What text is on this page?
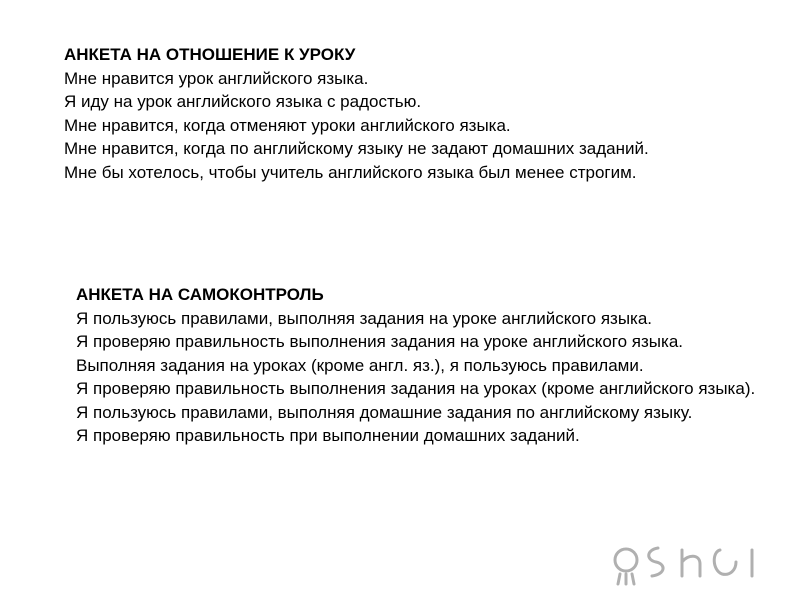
АНКЕТА НА ОТНОШЕНИЕ К УРОКУ

Мне нравится урок английского языка.

Я иду на урок английского языка с радостью.

Мне нравится, когда отменяют уроки английского языка.

Мне нравится, когда по английскому языку не задают домашних заданий.

Мне бы хотелось, чтобы учитель английского языка был менее строгим.

АНКЕТА НА САМОКОНТРОЛЬ

Я пользуюсь правилами, выполняя задания на уроке английского языка.

Я проверяю правильность выполнения задания на уроке английского языка.

Выполняя задания на уроках (кроме англ. яз.), я пользуюсь правилами.

Я проверяю правильность выполнения задания на уроках (кроме английского языка).

Я пользуюсь правилами, выполняя домашние задания по английскому языку.

Я проверяю правильность при выполнении домашних заданий.
